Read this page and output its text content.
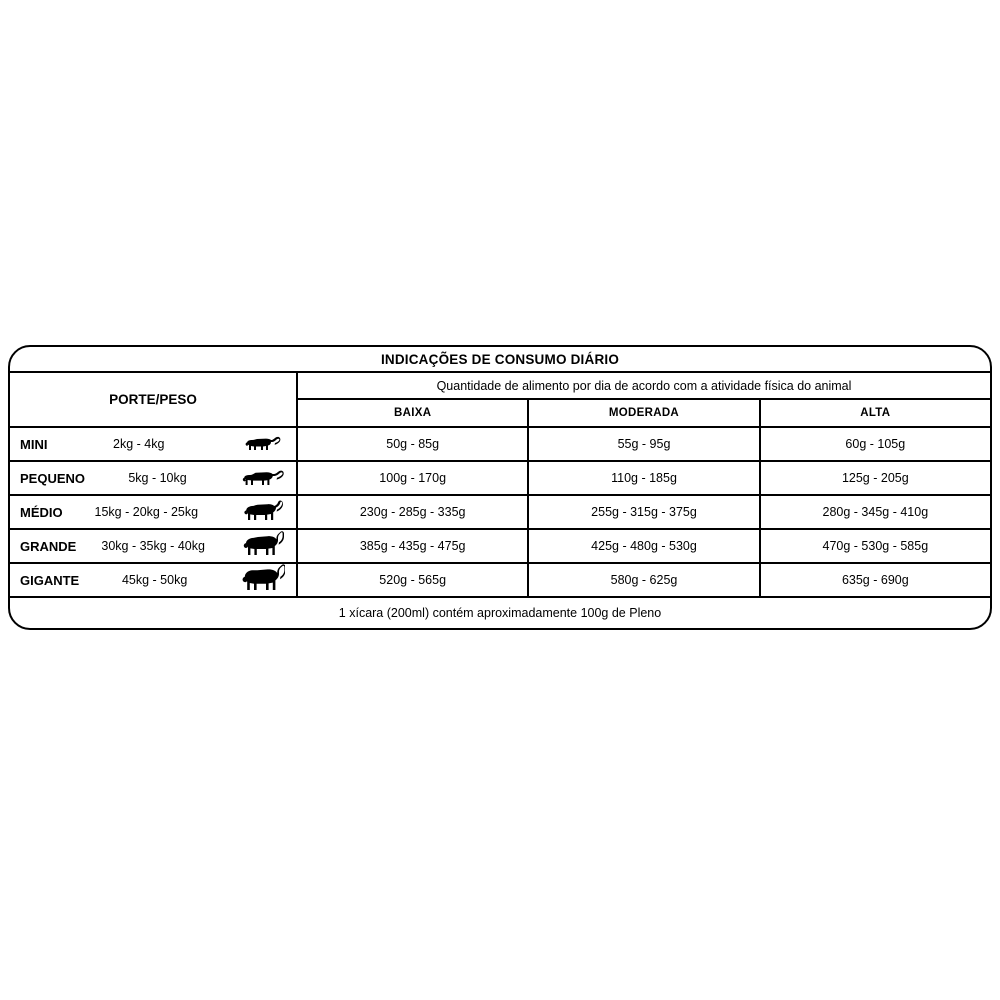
INDICAÇÕES DE CONSUMO DIÁRIO
PORTE/PESO
Quantidade de alimento por dia de acordo com a atividade física do animal
BAIXA	MODERADA	ALTA
MINI	2kg - 4kg	50g - 85g	55g - 95g	60g - 105g
PEQUENO	5kg - 10kg	100g - 170g	110g - 185g	125g - 205g
MÉDIO	15kg - 20kg - 25kg	230g - 285g - 335g	255g - 315g - 375g	280g - 345g - 410g
GRANDE	30kg - 35kg - 40kg	385g - 435g - 475g	425g - 480g - 530g	470g - 530g - 585g
GIGANTE	45kg - 50kg	520g - 565g	580g - 625g	635g - 690g
1 xícara (200ml) contém aproximadamente 100g de Pleno
